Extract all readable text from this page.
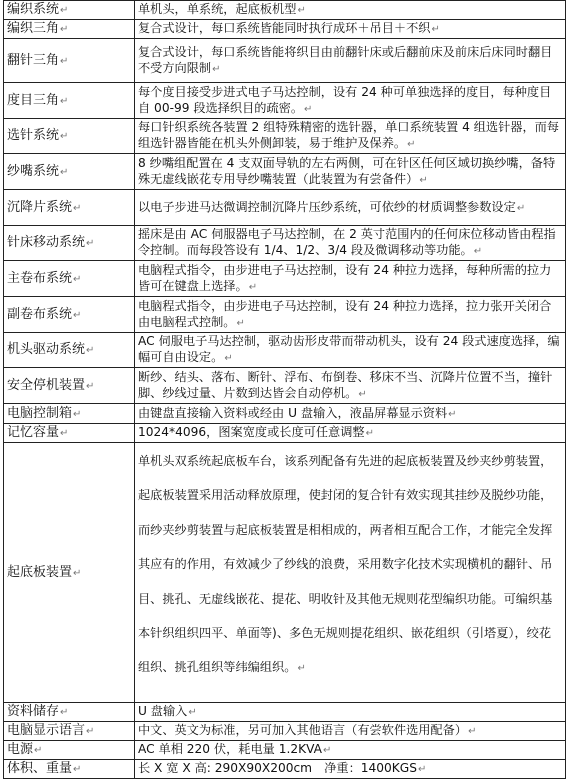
编织系统↵	单机头，单系统，起底板机型↵
编织三角↵	复合式设计，每口系统皆能同时执行成环＋吊目＋不织↵
翻针三角↵	复合式设计，每口系统皆能将织目由前翻针床或后翻前床及前床后床同时翻目不受方向限制↵
度目三角↵	每个度目接受步进式电子马达控制，设有 24 种可单独选择的度目，每种度目自 00-99 段选择织目的疏密。↵
选针系统↵	每口针织系统各装置 2 组特殊精密的选针器，单口系统装置 4 组选针器，而每组选针器皆能在机头外侧卸装，易于维护及保养。↵
纱嘴系统↵	8 纱嘴组配置在 4 支双面导轨的左右两侧，可在针区任何区域切换纱嘴，备特殊无虚线嵌花专用导纱嘴装置（此装置为有尝备件）↵
沉降片系统↵	以电子步进马达微调控制沉降片压纱系统，可依纱的材质调整参数设定↵
针床移动系统↵	摇床是由 AC 伺服器电子马达控制，在 2 英寸范围内的任何床位移动皆由程指令控制。而每段答设有 1/4、1/2、3/4 段及微调移动等功能。↵
主卷布系统↵	电脑程式指令，由步进电子马达控制，设有 24 种拉力选择，每种所需的拉力皆可在键盘上选择。↵
副卷布系统↵	电脑程式指令，由步进电子马达控制，设有 24 种拉力选择，拉力张开关闭合由电脑程式控制。↵
机头驱动系统↵	AC 伺服电子马达控制，驱动齿形皮带而带动机头，设有 24 段式速度选择，编幅可自由设定。↵
安全停机装置↵	断纱、结头、落布、断针、浮布、布倒卷、移床不当、沉降片位置不当，撞针脚、纱线过量、片数到达皆会自动停机。↵
电脑控制箱↵	由键盘直接输入资料或经由 U 盘输入，液晶屏幕显示资料↵
记忆容量↵	1024*4096，图案宽度或长度可任意调整↵
起底板装置↵	单机头双系统起底板车台，该系列配备有先进的起底板装置及纱夹纱剪装置，起底板装置采用活动释放原理，使封闭的复合针有效实现其挂纱及脱纱功能，而纱夹纱剪装置与起底板装置是相相成的，两者相互配合工作，才能完全发挥其应有的作用，有效减少了纱线的浪费，采用数字化技术实现横机的翻针、吊目、挑孔、无虚线嵌花、提花、明收针及其他无规则花型编织功能。可编织基本针织组织四平、单面等)、多色无规则提花组织、嵌花组织（引塔夏），绞花组织、挑孔组织等纬编组织。↵
资料储存↵	U 盘输入↵
电脑显示语言↵	中文、英文为标准，另可加入其他语言（有尝软件选用配备）↵
电源↵	AC 单相 220 伏，耗电量 1.2KVA↵
体积、重量↵	长 X 宽 X 高: 290X90X200cm　净重：1400KGS↵
